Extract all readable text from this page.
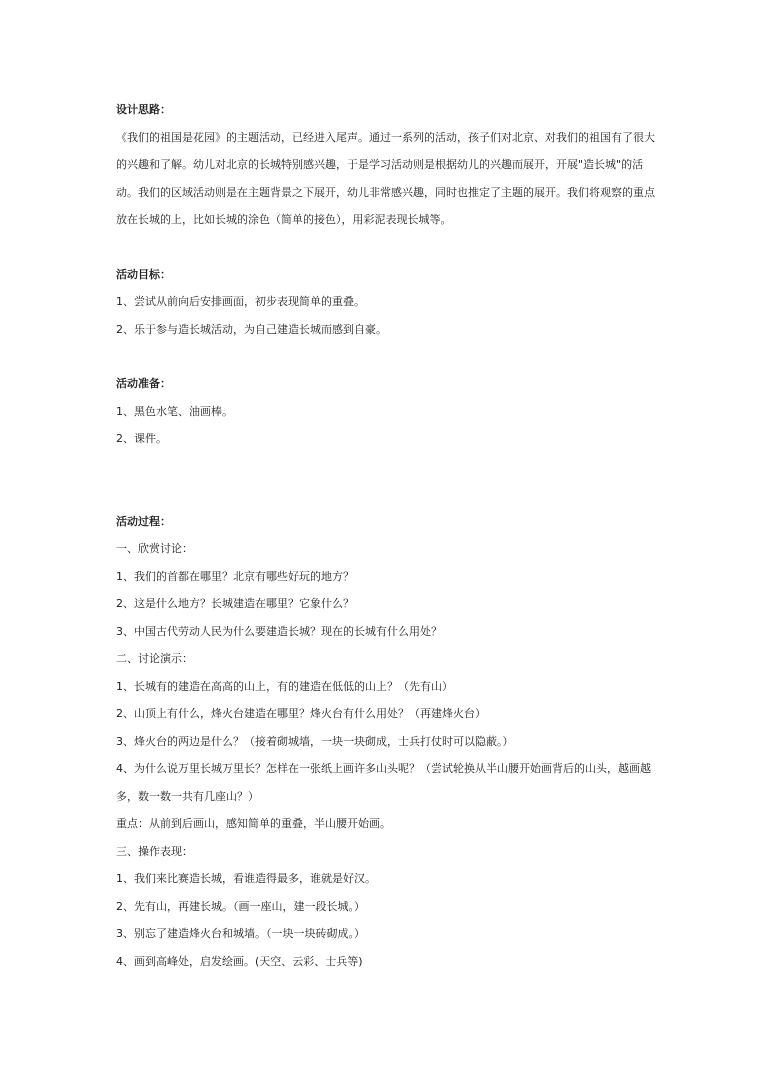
设计思路：

《我们的祖国是花园》的主题活动，已经进入尾声。通过一系列的活动，孩子们对北京、对我们的祖国有了很大的兴趣和了解。幼儿对北京的长城特别感兴趣，于是学习活动则是根据幼儿的兴趣而展开，开展"造长城"的活动。我们的区域活动则是在主题背景之下展开，幼儿非常感兴趣，同时也推定了主题的展开。我们将观察的重点放在长城的上，比如长城的涂色（简单的接色），用彩泥表现长城等。

活动目标：

1、尝试从前向后安排画面，初步表现简单的重叠。

2、乐于参与造长城活动，为自己建造长城而感到自豪。

活动准备：

1、黑色水笔、油画棒。

2、课件。

活动过程：

一、欣赏讨论：

1、我们的首都在哪里？北京有哪些好玩的地方？

2、这是什么地方？长城建造在哪里？它象什么？

3、中国古代劳动人民为什么要建造长城？现在的长城有什么用处？

二、讨论演示：

1、长城有的建造在高高的山上，有的建造在低低的山上？（先有山）

2、山顶上有什么，烽火台建造在哪里？烽火台有什么用处？（再建烽火台）

3、烽火台的两边是什么？（接着砌城墙，一块一块砌成，士兵打仗时可以隐蔽。）

4、为什么说万里长城万里长？怎样在一张纸上画许多山头呢？（尝试轮换从半山腰开始画背后的山头，越画越多，数一数一共有几座山？）

重点：从前到后画山，感知简单的重叠，半山腰开始画。

三、操作表现：

1、我们来比赛造长城，看谁造得最多，谁就是好汉。

2、先有山，再建长城。（画一座山，建一段长城。）

3、别忘了建造烽火台和城墙。（一块一块砖砌成。）

4、画到高峰处，启发绘画。(天空、云彩、士兵等)
